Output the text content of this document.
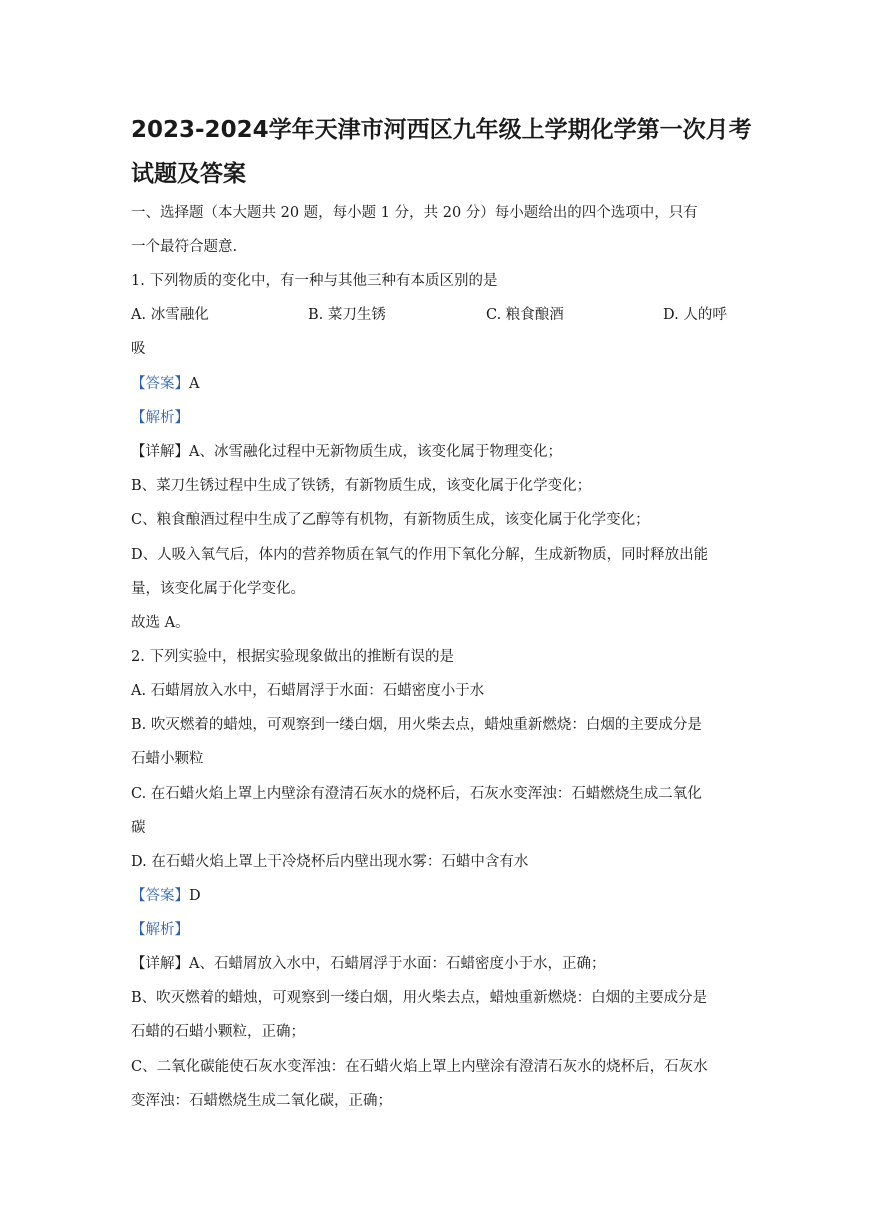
2023-2024学年天津市河西区九年级上学期化学第一次月考
试题及答案
一、选择题（本大题共 20 题，每小题 1 分，共 20 分）每小题给出的四个选项中，只有
一个最符合题意.
1. 下列物质的变化中，有一种与其他三种有本质区别的是
A. 冰雪融化	B. 菜刀生锈	C. 粮食酿酒	D. 人的呼
吸
【答案】A
【解析】
【详解】A、冰雪融化过程中无新物质生成，该变化属于物理变化；
B、菜刀生锈过程中生成了铁锈，有新物质生成，该变化属于化学变化；
C、粮食酿酒过程中生成了乙醇等有机物，有新物质生成，该变化属于化学变化；
D、人吸入氧气后，体内的营养物质在氧气的作用下氧化分解，生成新物质，同时释放出能
量，该变化属于化学变化。
故选 A。
2. 下列实验中，根据实验现象做出的推断有误的是
A. 石蜡屑放入水中，石蜡屑浮于水面：石蜡密度小于水
B. 吹灭燃着的蜡烛，可观察到一缕白烟，用火柴去点，蜡烛重新燃烧：白烟的主要成分是
石蜡小颗粒
C. 在石蜡火焰上罩上内壁涂有澄清石灰水的烧杯后，石灰水变浑浊：石蜡燃烧生成二氧化
碳
D. 在石蜡火焰上罩上干冷烧杯后内壁出现水雾：石蜡中含有水
【答案】D
【解析】
【详解】A、石蜡屑放入水中，石蜡屑浮于水面：石蜡密度小于水，正确；
B、吹灭燃着的蜡烛，可观察到一缕白烟，用火柴去点，蜡烛重新燃烧：白烟的主要成分是
石蜡的石蜡小颗粒，正确；
C、二氧化碳能使石灰水变浑浊：在石蜡火焰上罩上内壁涂有澄清石灰水的烧杯后，石灰水
变浑浊：石蜡燃烧生成二氧化碳，正确；
